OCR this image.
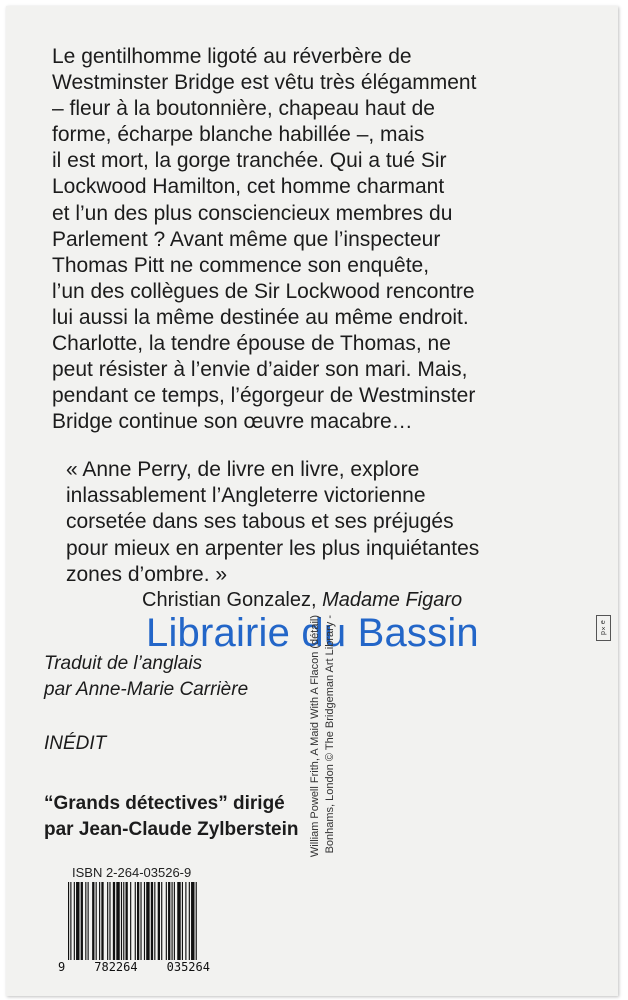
Le gentilhomme ligoté au réverbère de
Westminster Bridge est vêtu très élégamment
– fleur à la boutonnière, chapeau haut de
forme, écharpe blanche habillée –, mais
il est mort, la gorge tranchée. Qui a tué Sir
Lockwood Hamilton, cet homme charmant
et l’un des plus consciencieux membres du
Parlement ? Avant même que l’inspecteur
Thomas Pitt ne commence son enquête,
l’un des collègues de Sir Lockwood rencontre
lui aussi la même destinée au même endroit.
Charlotte, la tendre épouse de Thomas, ne
peut résister à l’envie d’aider son mari. Mais,
pendant ce temps, l’égorgeur de Westminster
Bridge continue son œuvre macabre…
« Anne Perry, de livre en livre, explore
inlassablement l’Angleterre victorienne
corsetée dans ses tabous et ses préjugés
pour mieux en arpenter les plus inquiétantes
zones d’ombre. »
Christian Gonzalez, Madame Figaro
Librairie du Bassin
Traduit de l’anglais
par Anne-Marie Carrière
INÉDIT
“Grands détectives” dirigé
par Jean-Claude Zylberstein
ISBN 2-264-03526-9
9 782264 035264
William Powell Frith, A Maid With A Flacon (détail) Bonhams, London © The Bridgeman Art Library -	p×e
